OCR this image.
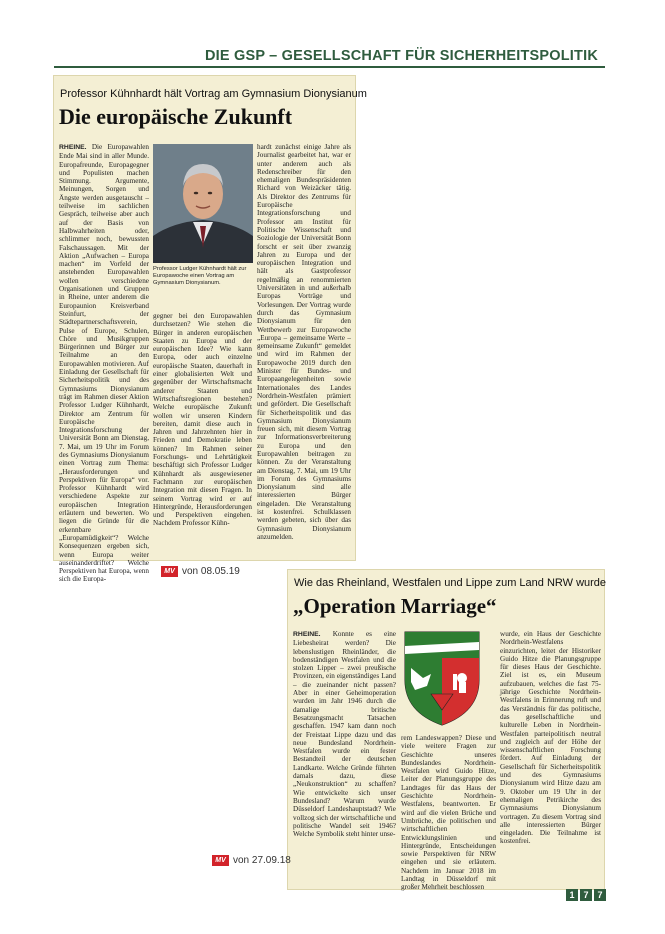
DIE GSP – GESELLSCHAFT FÜR SICHERHEITSPOLITIK
Professor Kühnhardt hält Vortrag am Gymnasium Dionysianum
Die europäische Zukunft
RHEINE. Die Europawahlen Ende Mai sind in aller Munde. Europafreunde, Europagegner und Populisten machen Stimmung. Argumente, Meinungen, Sorgen und Ängste werden ausgetauscht – teilweise im sachlichen Gespräch, teilweise aber auch auf der Basis von Halbwahrheiten oder, schlimmer noch, bewussten Falschaussagen. Mit der Aktion „Aufwachen – Europa machen“ im Vorfeld der anstehenden Europawahlen wollen verschiedene Organisationen und Gruppen in Rheine, unter anderem die Europaunion Kreisverband Steinfurt, der Städtepartnerschaftsverein, Pulse of Europe, Schulen, Chöre und Musikgruppen Bürgerinnen und Bürger zur Teilnahme an den Europawahlen motivieren. Auf Einladung der Gesellschaft für Sicherheitspolitik und des Gymnasiums Dionysianum trägt im Rahmen dieser Aktion Professor Ludger Kühnhardt, Direktor am Zentrum für Europäische Integrationsforschung der Universität Bonn am Dienstag, 7. Mai, um 19 Uhr im Forum des Gymnasiums Dionysianum einen Vortrag zum Thema: „Herausforderungen und Perspektiven für Europa“ vor. Professor Kühnhardt wird verschiedene Aspekte zur europäischen Integration erläutern und bewerten. Wo liegen die Gründe für die erkennbare „Europamüdigkeit“? Welche Konsequenzen ergeben sich, wenn Europa weiter auseinanderdriftet? Welche Perspektiven hat Europa, wenn sich die Europa-
Professor Ludger Kühnhardt hält zur Europawoche einen Vortrag am Gymnasium Dionysianum.
gegner bei den Europawahlen durchsetzen? Wie stehen die Bürger in anderen europäischen Staaten zu Europa und der europäischen Idee? Wie kann Europa, oder auch einzelne europäische Staaten, dauerhaft in einer globalisierten Welt und gegenüber der Wirtschaftsmacht anderer Staaten und Wirtschaftsregionen bestehen? Welche europäische Zukunft wollen wir unseren Kindern bereiten, damit diese auch in Jahren und Jahrzehnten hier in Frieden und Demokratie leben können? Im Rahmen seiner Forschungs- und Lehrtätigkeit beschäftigt sich Professor Ludger Kühnhardt als ausgewiesener Fachmann zur europäischen Integration mit diesen Fragen. In seinem Vortrag wird er auf Hintergründe, Herausforderungen und Perspektiven eingehen. Nachdem Professor Kühn-
hardt zunächst einige Jahre als Journalist gearbeitet hat, war er unter anderem auch als Redenschreiber für den ehemaligen Bundespräsidenten Richard von Weizäcker tätig. Als Direktor des Zentrums für Europäische Integrationsforschung und Professor am Institut für Politische Wissenschaft und Soziologie der Universität Bonn forscht er seit über zwanzig Jahren zu Europa und der europäischen Integration und hält als Gastprofessor regelmäßig an renommierten Universitäten in und außerhalb Europas Vorträge und Vorlesungen. Der Vortrag wurde durch das Gymnasium Dionysianum für den Wettbewerb zur Europawoche „Europa – gemeinsame Werte – gemeinsame Zukunft“ gemeldet und wird im Rahmen der Europawoche 2019 durch den Minister für Bundes- und Europaangelegenheiten sowie Internationales des Landes Nordrhein-Westfalen prämiert und gefördert. Die Gesellschaft für Sicherheitspolitik und das Gymnasium Dionysianum freuen sich, mit diesem Vortrag zur Informationsverbreiterung zu Europa und den Europawahlen beitragen zu können. Zu der Veranstaltung am Dienstag, 7. Mai, um 19 Uhr im Forum des Gymnasiums Dionysianum sind alle interessierten Bürger eingeladen. Die Veranstaltung ist kostenfrei. Schulklassen werden gebeten, sich über das Gymnasium Dionysianum anzumelden.
MV von 08.05.19
Wie das Rheinland, Westfalen und Lippe zum Land NRW wurde
„Operation Marriage“
RHEINE. Konnte es eine Liebesheirat werden? Die lebenslustigen Rheinländer, die bodenständigen Westfalen und die stolzen Lipper – zwei preußische Provinzen, ein eigenständiges Land – die zueinander nicht passen? Aber in einer Geheimoperation wurden im Jahr 1946 durch die damalige britische Besatzungsmacht Tatsachen geschaffen. 1947 kam dann noch der Freistaat Lippe dazu und das neue Bundesland Nordrhein-Westfalen wurde ein fester Bestandteil der deutschen Landkarte. Welche Gründe führten damals dazu, diese „Neukonstruktion“ zu schaffen? Wie entwickelte sich unser Bundesland? Warum wurde Düsseldorf Landeshauptstadt? Wie vollzog sich der wirtschaftliche und politische Wandel seit 1946? Welche Symbolik steht hinter unse-
rem Landeswappen? Diese und viele weitere Fragen zur Geschichte unseres Bundeslandes Nordrhein-Westfalen wird Guido Hitze, Leiter der Planungsgruppe des Landtages für das Haus der Geschichte Nordrhein-Westfalens, beantworten. Er wird auf die vielen Brüche und Umbrüche, die politischen und wirtschaftlichen Entwicklungslinien und Hintergründe, Entscheidungen sowie Perspektiven für NRW eingehen und sie erläutern. Nachdem im Januar 2018 im Landtag in Düsseldorf mit großer Mehrheit beschlossen
wurde, ein Haus der Geschichte Nordrhein-Westfalens einzurichten, leitet der Historiker Guido Hitze die Planungsgruppe für dieses Haus der Geschichte. Ziel ist es, ein Museum aufzubauen, welches die fast 75-jährige Geschichte Nordrhein-Westfalens in Erinnerung ruft und das Verständnis für das politische, das gesellschaftliche und kulturelle Leben in Nordrhein-Westfalen parteipolitisch neutral und zugleich auf der Höhe der wissenschaftlichen Forschung fördert. Auf Einladung der Gesellschaft für Sicherheitspolitik und des Gymnasiums Dionysianum wird Hitze dazu am 9. Oktober um 19 Uhr in der ehemaligen Petrikirche des Gymnasiums Dionysianum vortragen. Zu diesem Vortrag sind alle interessierten Bürger eingeladen. Die Teilnahme ist kostenfrei.
MV von 27.09.18
1 7 7
